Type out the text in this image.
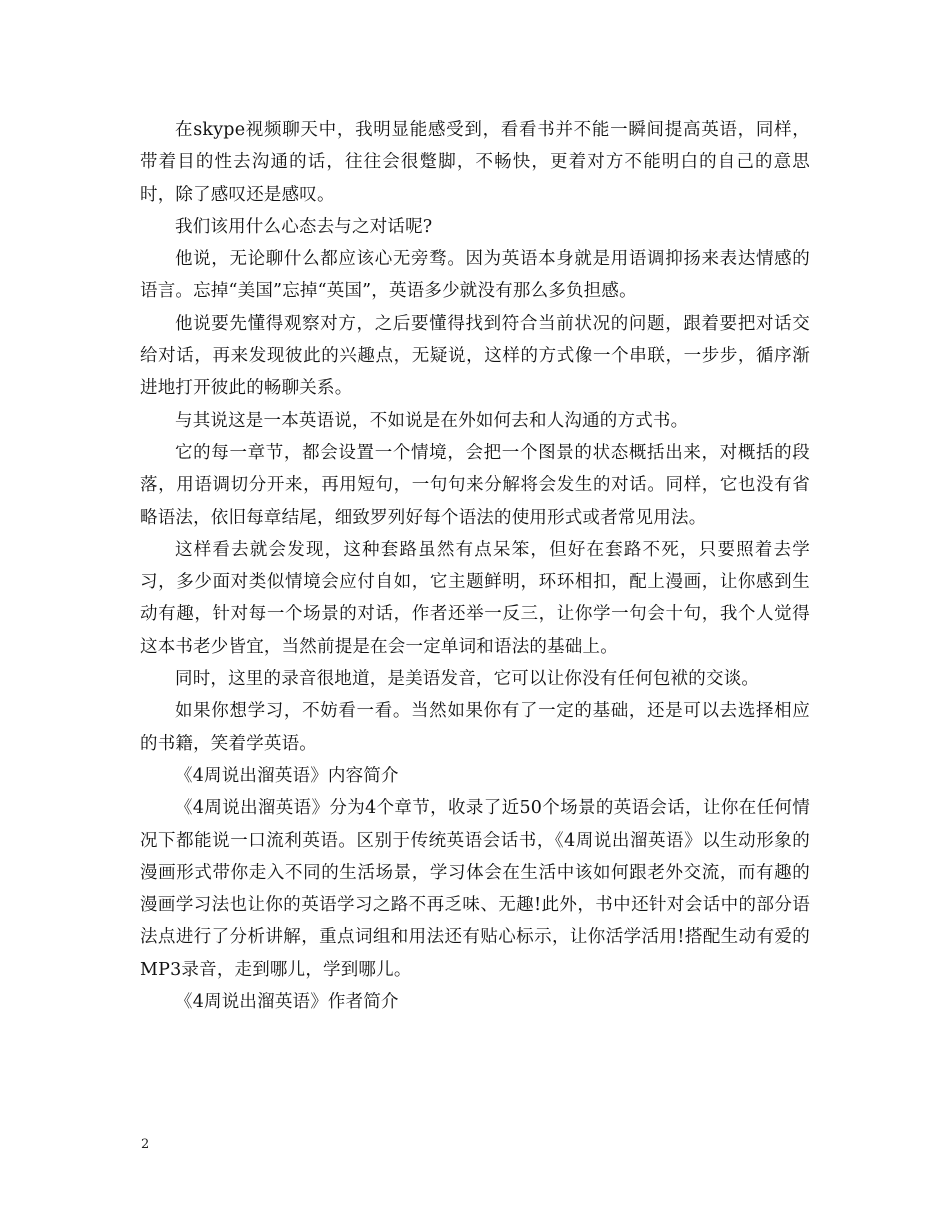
在skype视频聊天中，我明显能感受到，看看书并不能一瞬间提高英语，同样，带着目的性去沟通的话，往往会很蹩脚，不畅快，更着对方不能明白的自己的意思时，除了感叹还是感叹。

我们该用什么心态去与之对话呢?

他说，无论聊什么都应该心无旁骛。因为英语本身就是用语调抑扬来表达情感的语言。忘掉“美国”忘掉“英国”，英语多少就没有那么多负担感。

他说要先懂得观察对方，之后要懂得找到符合当前状况的问题，跟着要把对话交给对话，再来发现彼此的兴趣点，无疑说，这样的方式像一个串联，一步步，循序渐进地打开彼此的畅聊关系。

与其说这是一本英语说，不如说是在外如何去和人沟通的方式书。

它的每一章节，都会设置一个情境，会把一个图景的状态概括出来，对概括的段落，用语调切分开来，再用短句，一句句来分解将会发生的对话。同样，它也没有省略语法，依旧每章结尾，细致罗列好每个语法的使用形式或者常见用法。

这样看去就会发现，这种套路虽然有点呆笨，但好在套路不死，只要照着去学习，多少面对类似情境会应付自如，它主题鲜明，环环相扣，配上漫画，让你感到生动有趣，针对每一个场景的对话，作者还举一反三，让你学一句会十句，我个人觉得这本书老少皆宜，当然前提是在会一定单词和语法的基础上。

同时，这里的录音很地道，是美语发音，它可以让你没有任何包袱的交谈。

如果你想学习，不妨看一看。当然如果你有了一定的基础，还是可以去选择相应的书籍，笑着学英语。

《4周说出溜英语》内容简介

《4周说出溜英语》分为4个章节，收录了近50个场景的英语会话，让你在任何情况下都能说一口流利英语。区别于传统英语会话书，《4周说出溜英语》以生动形象的漫画形式带你走入不同的生活场景，学习体会在生活中该如何跟老外交流，而有趣的漫画学习法也让你的英语学习之路不再乏味、无趣!此外，书中还针对会话中的部分语法点进行了分析讲解，重点词组和用法还有贴心标示，让你活学活用!搭配生动有爱的MP3录音，走到哪儿，学到哪儿。

《4周说出溜英语》作者简介

2
